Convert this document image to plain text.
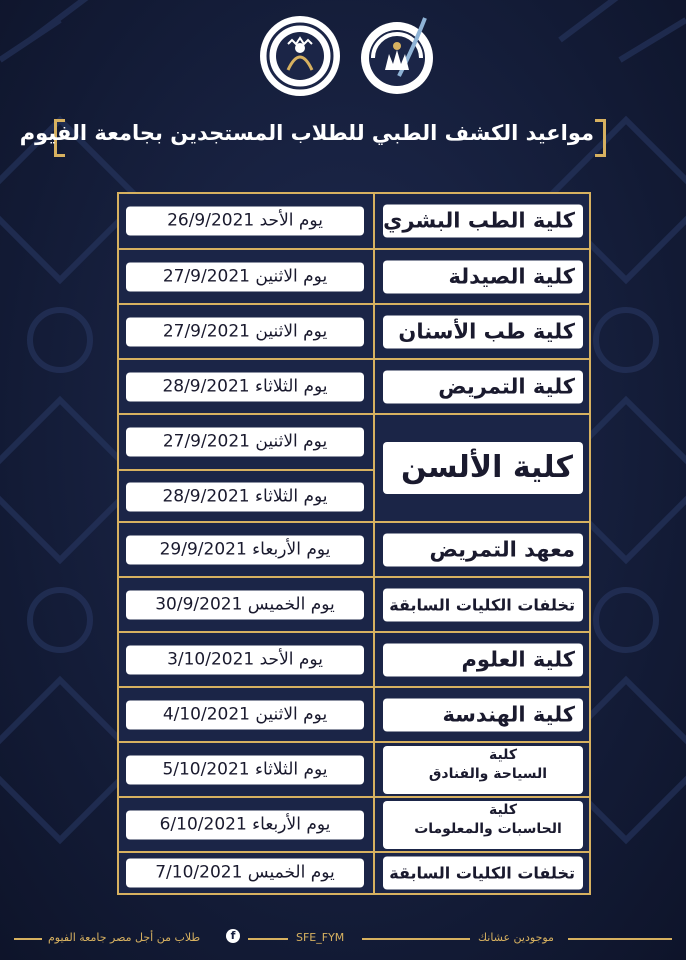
مواعيد الكشف الطبي للطلاب المستجدين بجامعة الفيوم
كلية الطب البشري
يوم الأحد 26/9/2021
كلية الصيدلة
يوم الاثنين 27/9/2021
كلية طب الأسنان
يوم الاثنين 27/9/2021
كلية التمريض
يوم الثلاثاء 28/9/2021
كلية الألسن
يوم الاثنين 27/9/2021
يوم الثلاثاء 28/9/2021
معهد التمريض
يوم الأربعاء 29/9/2021
تخلفات الكليات السابقة
يوم الخميس 30/9/2021
كلية العلوم
يوم الأحد 3/10/2021
كلية الهندسة
يوم الاثنين 4/10/2021
كلية
السياحة والفنادق
يوم الثلاثاء 5/10/2021
كلية
الحاسبات والمعلومات
يوم الأربعاء 6/10/2021
تخلفات الكليات السابقة
يوم الخميس 7/10/2021
طلاب من أجل مصر جامعة الفيوم	f	SFE_FYM	موجودين عشانك
